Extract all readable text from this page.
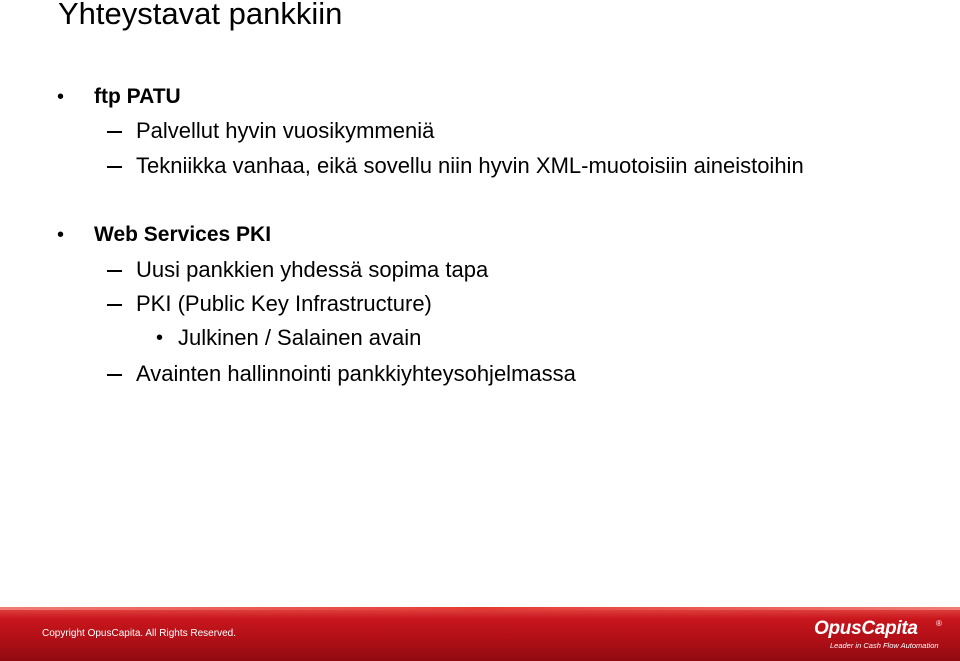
Yhteystavat pankkiin
• ftp PATU
Palvellut hyvin vuosikymmeniä
Tekniikka vanhaa, eikä sovellu niin hyvin XML-muotoisiin aineistoihin
• Web Services PKI
Uusi pankkien yhdessä sopima tapa
PKI (Public Key Infrastructure)
• Julkinen / Salainen avain
Avainten hallinnointi pankkiyhteysohjelmassa
Copyright OpusCapita. All Rights Reserved.	OpusCapita ®
Leader in Cash Flow Automation
